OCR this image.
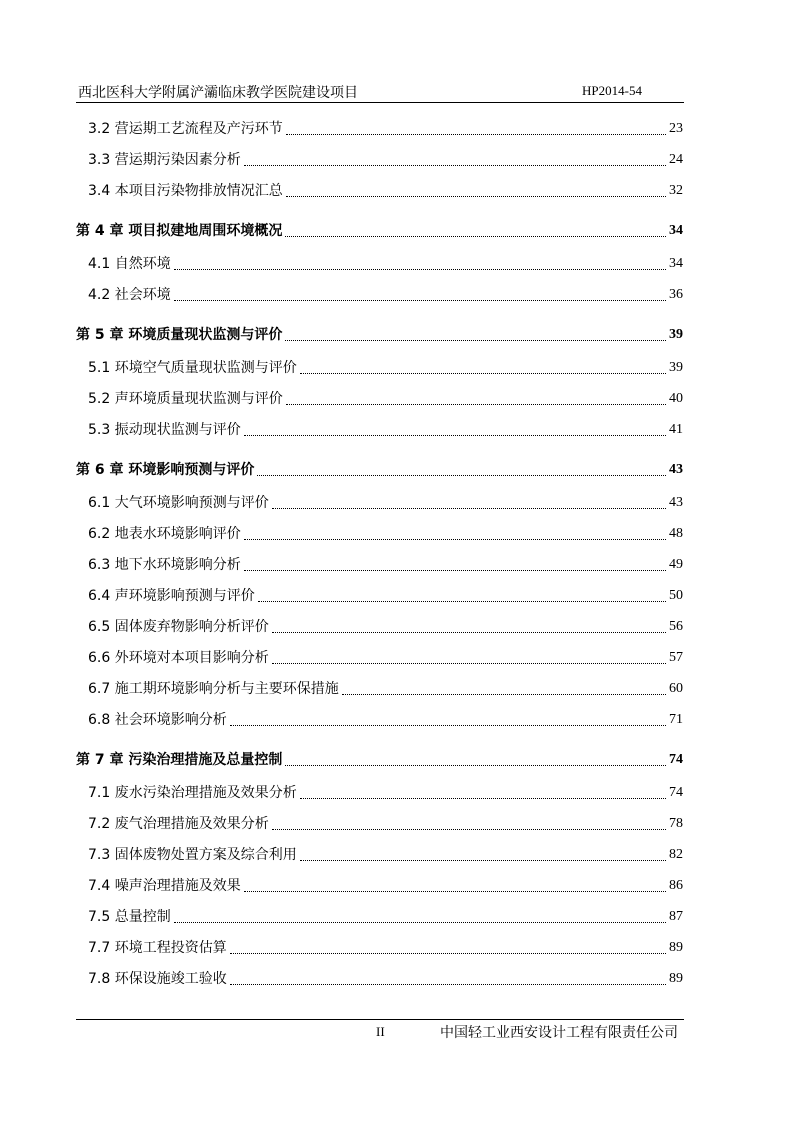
西北医科大学附属浐灞临床教学医院建设项目	HP2014-54
3.2 营运期工艺流程及产污环节	23
3.3 营运期污染因素分析	24
3.4 本项目污染物排放情况汇总	32
第 4 章 项目拟建地周围环境概况	34
4.1 自然环境	34
4.2 社会环境	36
第 5 章 环境质量现状监测与评价	39
5.1 环境空气质量现状监测与评价	39
5.2 声环境质量现状监测与评价	40
5.3 振动现状监测与评价	41
第 6 章 环境影响预测与评价	43
6.1 大气环境影响预测与评价	43
6.2 地表水环境影响评价	48
6.3 地下水环境影响分析	49
6.4 声环境影响预测与评价	50
6.5 固体废弃物影响分析评价	56
6.6 外环境对本项目影响分析	57
6.7 施工期环境影响分析与主要环保措施	60
6.8 社会环境影响分析	71
第 7 章 污染治理措施及总量控制	74
7.1 废水污染治理措施及效果分析	74
7.2 废气治理措施及效果分析	78
7.3 固体废物处置方案及综合利用	82
7.4 噪声治理措施及效果	86
7.5 总量控制	87
7.7 环境工程投资估算	89
7.8 环保设施竣工验收	89
II	中国轻工业西安设计工程有限责任公司
